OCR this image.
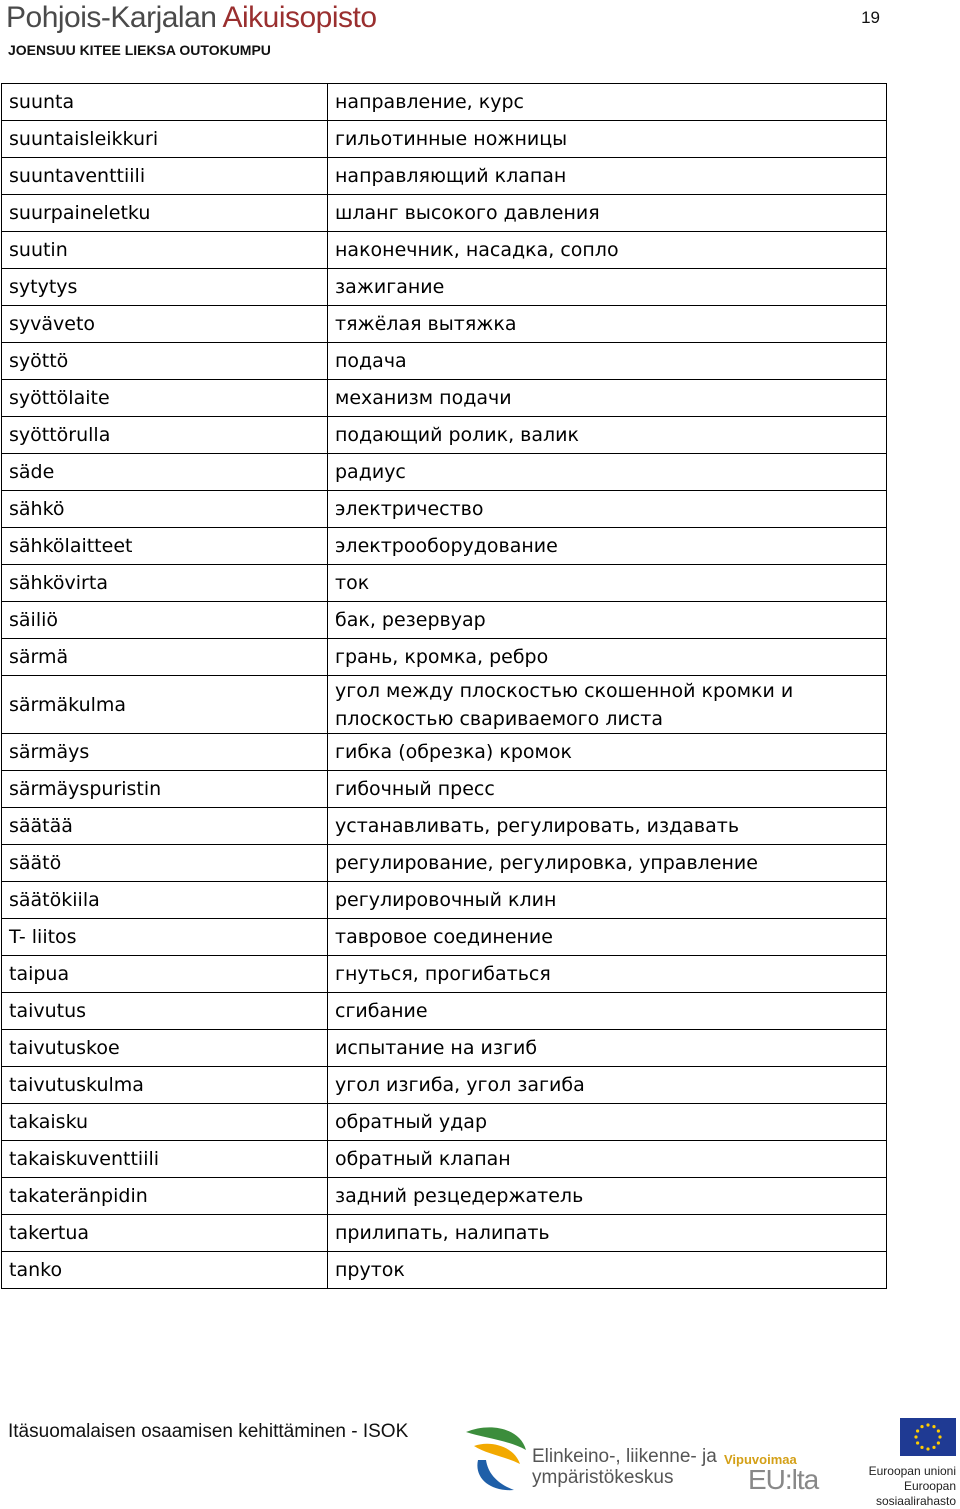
Pohjois-Karjalan Aikuisopisto
JOENSUU KITEE LIEKSA OUTOKUMPU
19
suunta	направление, курс
suuntaisleikkuri	гильотинные ножницы
suuntaventtiili	направляющий клапан
suurpaineletku	шланг высокого давления
suutin	наконечник, насадка, сопло
sytytys	зажигание
syväveto	тяжёлая вытяжка
syöttö	подача
syöttölaite	механизм подачи
syöttörulla	подающий ролик, валик
säde	радиус
sähkö	электричество
sähkölaitteet	электрооборудование
sähkövirta	ток
säiliö	бак, резервуар
särmä	грань, кромка, ребро
särmäkulma	угол между плоскостью скошенной кромки и плоскостью свариваемого листа
särmäys	гибка (обрезка) кромок
särmäyspuristin	гибочный пресс
säätää	устанавливать, регулировать, издавать
säätö	регулирование, регулировка, управление
säätökiila	регулировочный клин
T- liitos	тавровое соединение
taipua	гнуться, прогибаться
taivutus	сгибание
taivutuskoe	испытание на изгиб
taivutuskulma	угол изгиба, угол загиба
takaisku	обратный удар
takaiskuventtiili	обратный клапан
takateränpidin	задний резцедержатель
takertua	прилипать, налипать
tanko	пруток
Itäsuomalaisen osaamisen kehittäminen - ISOK
Elinkeino-, liikenne- ja
ympäristökeskus
Vipuvoimaa
EU:lta	Euroopan unioni
Euroopan sosiaalirahasto
